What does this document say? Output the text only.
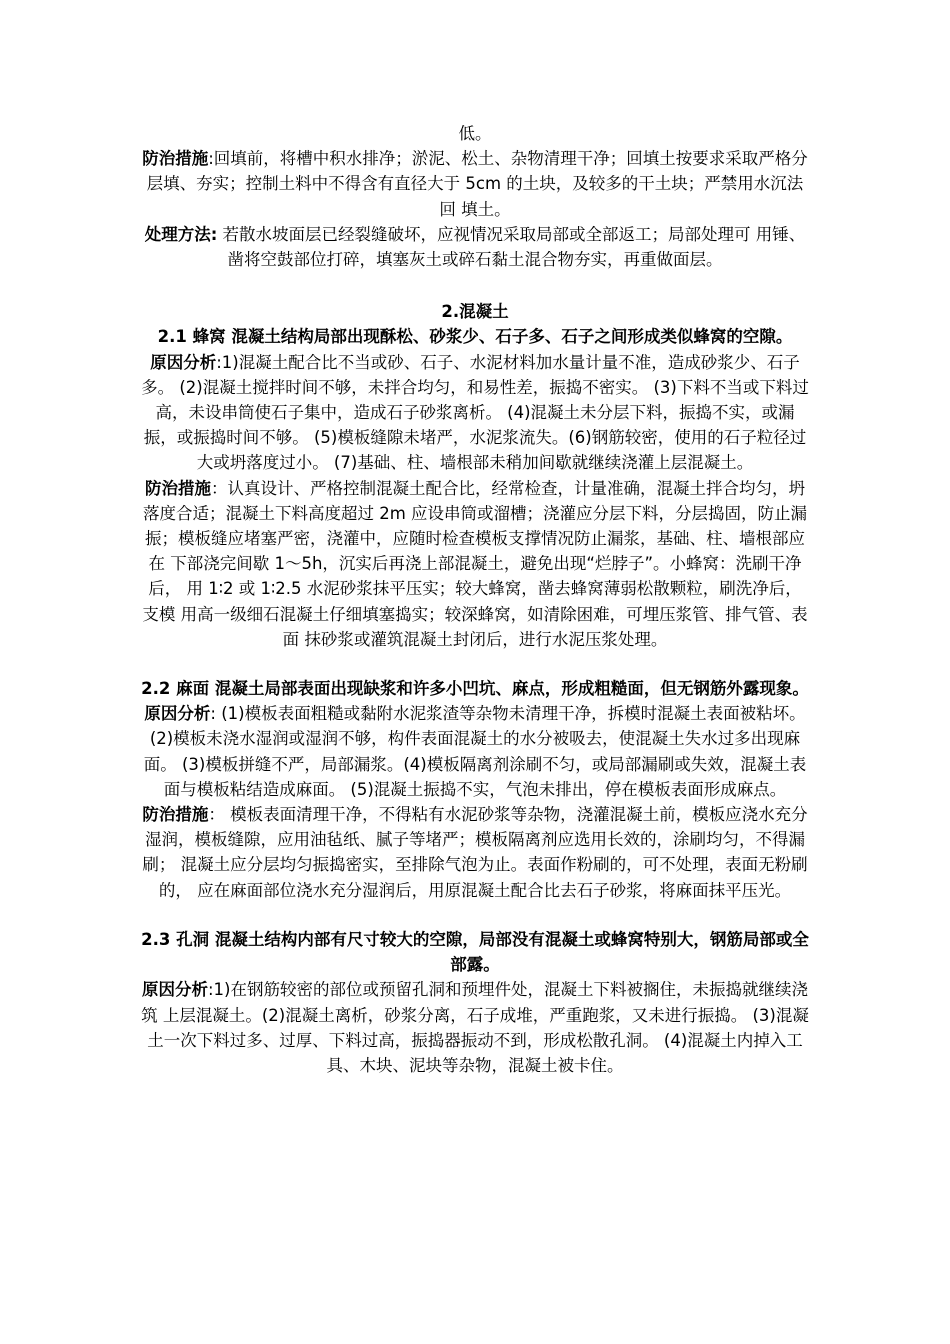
低。

防治措施:回填前，将槽中积水排净；淤泥、松土、杂物清理干净；回填土按要求采取严格分层填、夯实；控制土料中不得含有直径大于 5cm 的土块，及较多的干土块；严禁用水沉法回 填土。

处理方法: 若散水坡面层已经裂缝破坏，应视情况采取局部或全部返工；局部处理可 用锤、凿将空鼓部位打碎，填塞灰土或碎石黏土混合物夯实，再重做面层。

2.混凝土

2.1 蜂窝 混凝土结构局部出现酥松、砂浆少、石子多、石子之间形成类似蜂窝的空隙。

原因分析:1)混凝土配合比不当或砂、石子、水泥材料加水量计量不准，造成砂浆少、石子多。 (2)混凝土搅拌时间不够，未拌合均匀，和易性差，振捣不密实。 (3)下料不当或下料过高，未设串筒使石子集中，造成石子砂浆离析。 (4)混凝土未分层下料，振捣不实，或漏振，或振捣时间不够。 (5)模板缝隙未堵严，水泥浆流失。(6)钢筋较密，使用的石子粒径过大或坍落度过小。 (7)基础、柱、墙根部未稍加间歇就继续浇灌上层混凝土。

防治措施：认真设计、严格控制混凝土配合比，经常检查，计量准确，混凝土拌合均匀，坍落度合适；混凝土下料高度超过 2m 应设串筒或溜槽；浇灌应分层下料，分层捣固，防止漏振；模板缝应堵塞严密，浇灌中，应随时检查模板支撑情况防止漏浆，基础、柱、墙根部应在 下部浇完间歇 1～5h，沉实后再浇上部混凝土，避免出现“烂脖子”。小蜂窝：洗刷干净后， 用 1∶2 或 1∶2.5 水泥砂浆抹平压实；较大蜂窝，凿去蜂窝薄弱松散颗粒，刷洗净后，支模 用高一级细石混凝土仔细填塞捣实；较深蜂窝，如清除困难，可埋压浆管、排气管、表面 抹砂浆或灌筑混凝土封闭后，进行水泥压浆处理。

2.2 麻面 混凝土局部表面出现缺浆和许多小凹坑、麻点，形成粗糙面，但无钢筋外露现象。

原因分析: (1)模板表面粗糙或黏附水泥浆渣等杂物未清理干净，拆模时混凝土表面被粘坏。 (2)模板未浇水湿润或湿润不够，构件表面混凝土的水分被吸去，使混凝土失水过多出现麻面。 (3)模板拼缝不严，局部漏浆。(4)模板隔离剂涂刷不匀，或局部漏刷或失效，混凝土表面与模板粘结造成麻面。 (5)混凝土振捣不实，气泡未排出，停在模板表面形成麻点。

防治措施： 模板表面清理干净，不得粘有水泥砂浆等杂物，浇灌混凝土前，模板应浇水充分湿润，模板缝隙，应用油毡纸、腻子等堵严；模板隔离剂应选用长效的，涂刷均匀，不得漏刷； 混凝土应分层均匀振捣密实，至排除气泡为止。表面作粉刷的，可不处理，表面无粉刷的， 应在麻面部位浇水充分湿润后，用原混凝土配合比去石子砂浆，将麻面抹平压光。

2.3 孔洞 混凝土结构内部有尺寸较大的空隙，局部没有混凝土或蜂窝特别大，钢筋局部或全部露。

原因分析:1)在钢筋较密的部位或预留孔洞和预埋件处，混凝土下料被搁住，未振捣就继续浇筑 上层混凝土。(2)混凝土离析，砂浆分离，石子成堆，严重跑浆，又未进行振捣。 (3)混凝土一次下料过多、过厚、下料过高，振捣器振动不到，形成松散孔洞。 (4)混凝土内掉入工具、木块、泥块等杂物，混凝土被卡住。
